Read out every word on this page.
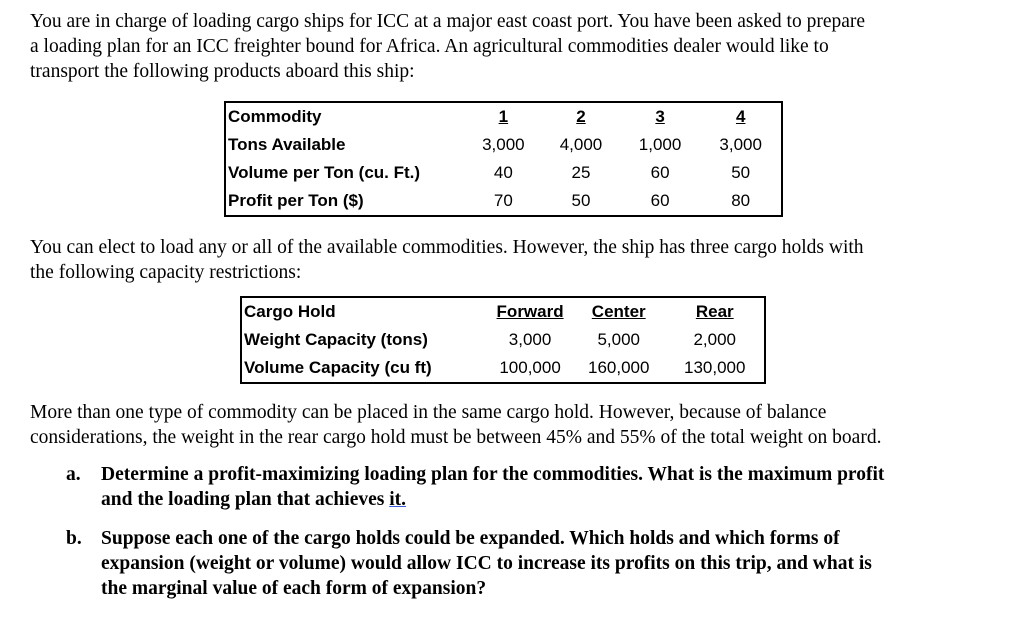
You are in charge of loading cargo ships for ICC at a major east coast port. You have been asked to prepare
a loading plan for an ICC freighter bound for Africa. An agricultural commodities dealer would like to
transport the following products aboard this ship:
Commodity	1	2	3	4
Tons Available	3,000	4,000	1,000	3,000
Volume per Ton (cu. Ft.)	40	25	60	50
Profit per Ton ($)	70	50	60	80
You can elect to load any or all of the available commodities. However, the ship has three cargo holds with
the following capacity restrictions:
Cargo Hold	Forward	Center	Rear
Weight Capacity (tons)	3,000	5,000	2,000
Volume Capacity (cu ft)	100,000	160,000	130,000
More than one type of commodity can be placed in the same cargo hold. However, because of balance
considerations, the weight in the rear cargo hold must be between 45% and 55% of the total weight on board.
a. Determine a profit-maximizing loading plan for the commodities. What is the maximum profit
and the loading plan that achieves it.
b. Suppose each one of the cargo holds could be expanded. Which holds and which forms of
expansion (weight or volume) would allow ICC to increase its profits on this trip, and what is
the marginal value of each form of expansion?
